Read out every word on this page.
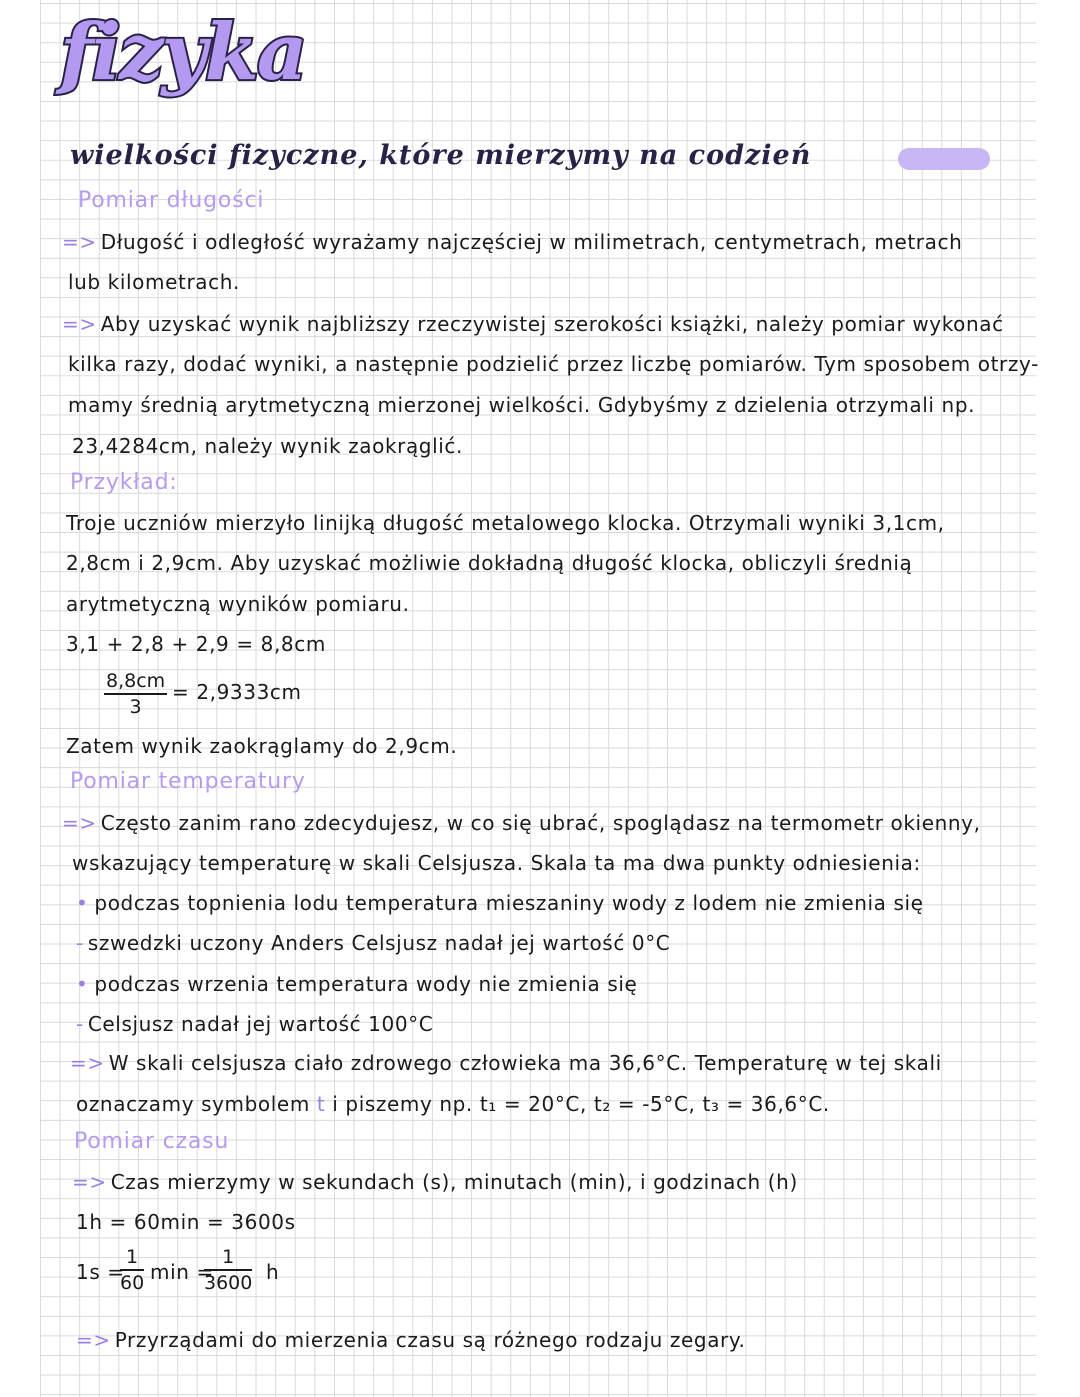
fizyka
wielkości fizyczne, które mierzymy na codzień
Pomiar długości
=> Długość i odległość wyrażamy najczęściej w milimetrach, centymetrach, metrach
lub kilometrach.
=> Aby uzyskać wynik najbliższy rzeczywistej szerokości książki, należy pomiar wykonać
kilka razy, dodać wyniki, a następnie podzielić przez liczbę pomiarów. Tym sposobem otrzy-
mamy średnią arytmetyczną mierzonej wielkości. Gdybyśmy z dzielenia otrzymali np.
23,4284cm, należy wynik zaokrąglić.
Przykład:
Troje uczniów mierzyło linijką długość metalowego klocka. Otrzymali wyniki 3,1cm,
2,8cm i 2,9cm. Aby uzyskać możliwie dokładną długość klocka, obliczyli średnią
arytmetyczną wyników pomiaru.
3,1 + 2,8 + 2,9 = 8,8cm
$\frac{8,8cm}{3} = 2,9333cm$
Zatem wynik zaokrąglamy do 2,9cm.
Pomiar temperatury
=> Często zanim rano zdecydujesz, w co się ubrać, spoglądasz na termometr okienny,
wskazujący temperaturę w skali Celsjusza. Skala ta ma dwa punkty odniesienia:
• podczas topnienia lodu temperatura mieszaniny wody z lodem nie zmienia się
- szwedzki uczony Anders Celsjusz nadał jej wartość 0°C
• podczas wrzenia temperatura wody nie zmienia się
- Celsjusz nadał jej wartość 100°C
=> W skali celsjusza ciało zdrowego człowieka ma 36,6°C. Temperaturę w tej skali
oznaczamy symbolem t i piszemy np. t₁ = 20°C, t₂ = -5°C, t₃ = 36,6°C.
Pomiar czasu
=> Czas mierzymy w sekundach (s), minutach (min), i godzinach (h)
1h = 60min = 3600s
1s =
$\frac{1}{60}$ min =
$\frac{1}{3600}$ h
=> Przyrządami do mierzenia czasu są różnego rodzaju zegary.
